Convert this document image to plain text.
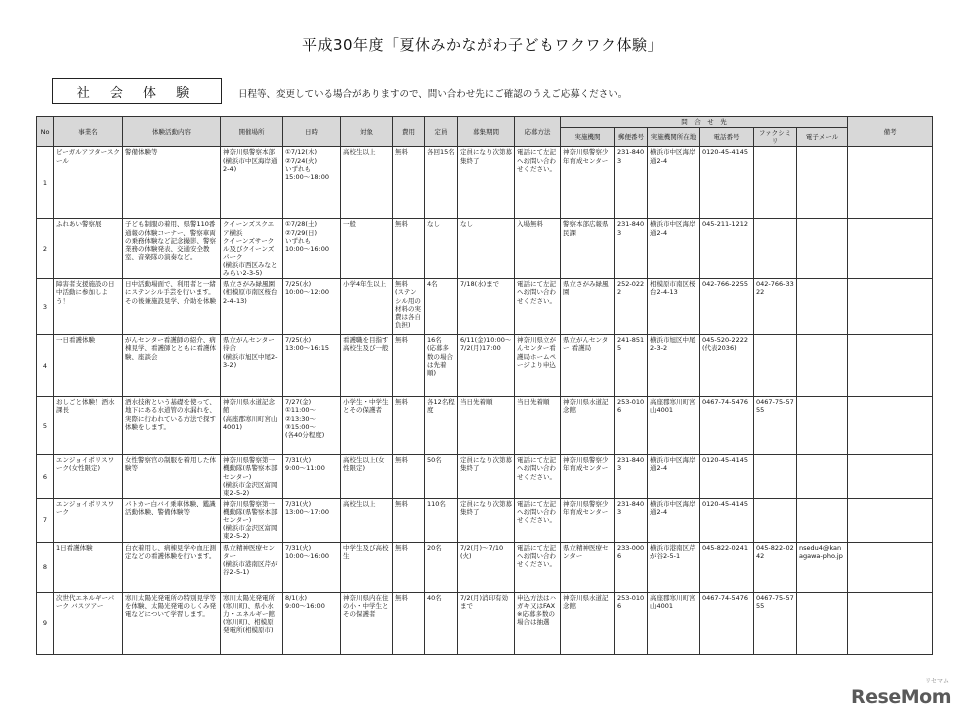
平成30年度「夏休みかながわ子どもワクワク体験」
社 会 体 験	日程等、変更している場合がありますので、問い合わせ先にご確認のうえご応募ください。
No	事業名	体験活動内容	開催場所	日時	対象	費用	定員	募集期間	応募方法	問　合　せ　先						備考
										実施機関	郵便番号	実施機関所在地	電話番号	ファクシミリ	電子メール	
1	ビーガルアフタースクール	警備体験等	神奈川県警察本部
(横浜市中区海岸通2-4)	①7/12(木)
②7/24(火)
いずれも
15:00～18:00	高校生以上	無料	各回15名	定員になり次第募集終了	電話にて左記へお問い合わせください。	神奈川県警察少年育成センター	231-8403	横浜市中区海岸通2-4	0120-45-4145			
2	ふれあい警察展	子ども制服の着用、県警110番通報の体験コーナー、警察車両の乗務体験など記念撮影、警察業務の体験発表、交通安全教室、音楽隊の演奏など。	クイーンズスクエア横浜
クイーンズサークル及びクイーンズパーク
(横浜市西区みなとみらい2-3-5)	①7/28(土)
②7/29(日)
いずれも
10:00～16:00	一般	無料	なし	なし	入場無料	警察本部広報県民課	231-8403	横浜市中区海岸通2-4	045-211-1212			
3	障害者支援施設の日中活動に参加しよう！	日中活動場面で、利用者と一緒にステンシル手芸を行います。その後兼施設見学、介助を体験	県立さがみ緑風園
(相模原市南区桜台2-4-13)	7/25(水)
10:00～12:00	小学4年生以上	無料
(ステンシル用の材料の実費は各自負担)	4名	7/18(水)まで	電話にて左記へお問い合わせください。	県立さがみ緑風園	252-0222	相模原市南区桜台2-4-13	042-766-2255	042-766-3322		
4	一日看護体験	がんセンター看護師の紹介、病棟見学、看護師とともに看護体験、座談会	県立がんセンター待合
(横浜市旭区中尾2-3-2)	7/25(水)
13:00～16:15	看護職を目指す高校生及び一般	無料	16名
(応募多数の場合は先着順)	6/11(金)10:00～
7/2(月)17:00	神奈川県立がんセンター看護局ホームページより申込	県立がんセンター 看護局	241-8515	横浜市旭区中尾2-3-2	045-520-2222(代表2036)			
5	おしごと体験！酒水課長	酒水技術という基礎を使って、地下にある水道管の水漏れを、実際に行われている方法で探す体験をします。	神奈川県水道記念館
(高座郡寒川町宮山4001)	7/27(金)
①11:00～
②13:30～
③15:00～
(各40分程度)	小学生・中学生とその保護者	無料	各12名程度	当日先着順	当日先着順	神奈川県水道記念館	253-0106	高座郡寒川町宮山4001	0467-74-5476	0467-75-5755		
6	エンジョイポリスワーク(女性限定)	女性警察官の制服を着用した体験等	神奈川県警察第一機動隊(県警察本部センター)
(横浜市金沢区富岡東2-5-2)	7/31(火)
9:00～11:00	高校生以上(女性限定)	無料	50名	定員になり次第募集終了	電話にて左記へお問い合わせください。	神奈川県警察少年育成センター	231-8403	横浜市中区海岸通2-4	0120-45-4145			
7	エンジョイポリスワーク	パトカー白バイ乗車体験、鑑識活動体験、警備体験等	神奈川県警察第一機動隊(県警察本部センター)
(横浜市金沢区富岡東2-5-2)	7/31(火)
13:00～17:00	高校生以上	無料	110名	定員になり次第募集終了	電話にて左記へお問い合わせください。	神奈川県警察少年育成センター	231-8403	横浜市中区海岸通2-4	0120-45-4145			
8	1日看護体験	白衣着用し、病棟見学や血圧測定などの看護体験を行います。	県立精神医療センター
(横浜市港南区芹が谷2-5-1)	7/31(火)
10:00～16:00	中学生及び高校生	無料	20名	7/2(月)～7/10(火)	電話にて左記へお問い合わせください。	県立精神医療センター	233-0006	横浜市港南区芹が谷2-5-1	045-822-0241	045-822-0242	nsedu4@kanagawa-pho.jp	
9	次世代エネルギーパーク バスツアー	寒川太陽光発電所の特別見学等を体験、太陽光発電のしくみ発電などについて学習します。	寒川太陽光発電所(寒川町)、県小水力・エネルギー館(寒川町)、相模原発電所(相模原市)	8/1(水)
9:00～16:00	神奈川県内在住の小・中学生とその保護者	無料	40名	7/2(月)消印有効まで	申込方法はハガキ又はFAX
※応募多数の場合は抽選	神奈川県水道記念館	253-0106	高座郡寒川町宮山4001	0467-74-5476	0467-75-5755		
リセマム
ReseMom
